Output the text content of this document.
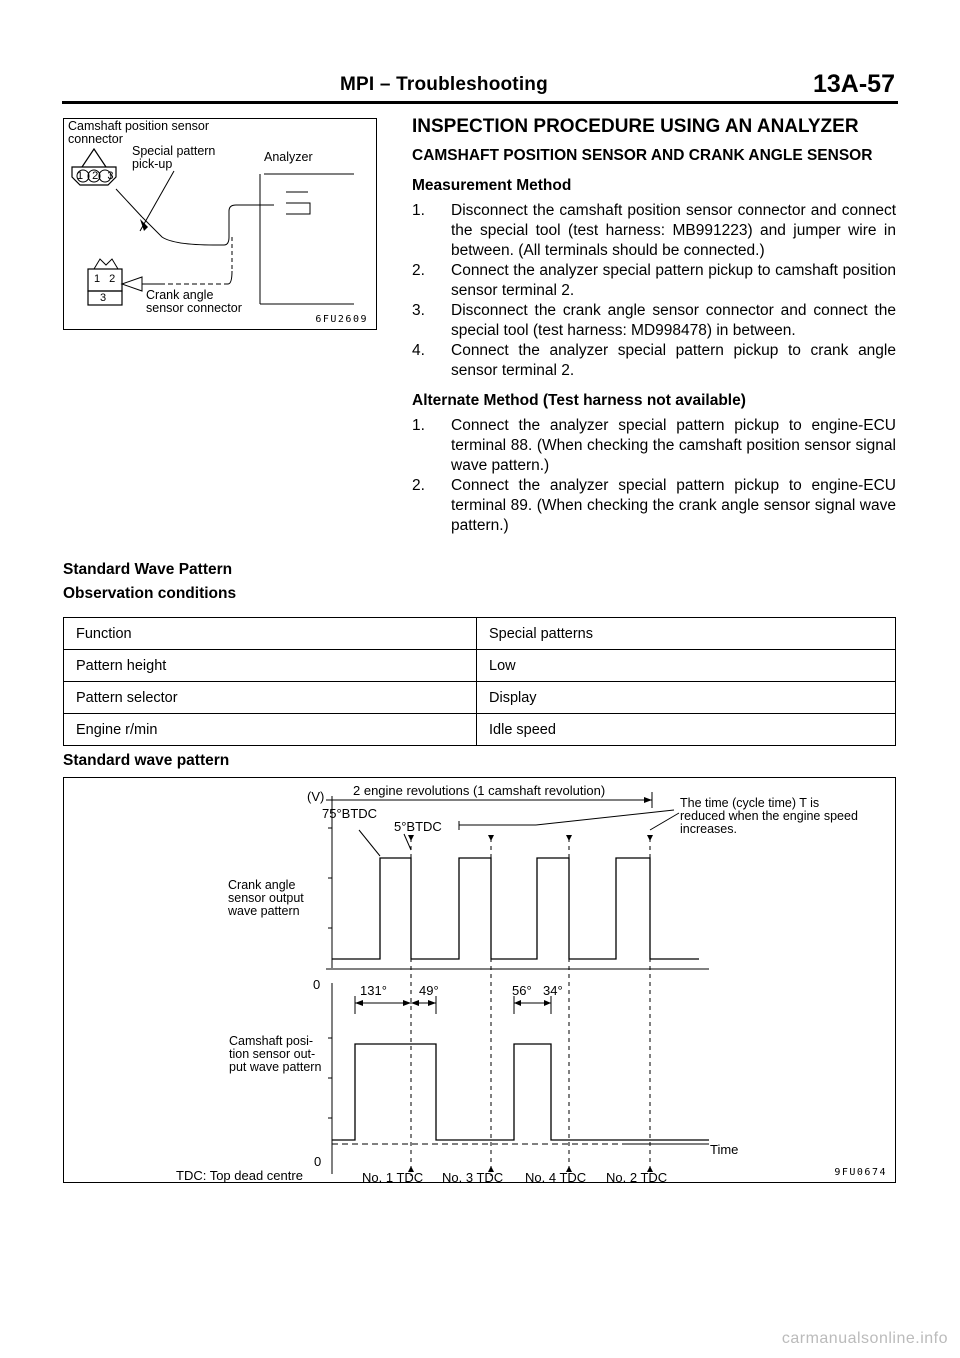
MPI – Troubleshooting	13A-57
Camshaft position sensor
connector
Special pattern
pick-up	Analyzer
1 2 3
1 2
3	Crank angle
sensor connector
6FU2609
INSPECTION PROCEDURE USING AN ANALYZER
CAMSHAFT POSITION SENSOR AND CRANK ANGLE SENSOR
Measurement Method
1. Disconnect the camshaft position sensor connector and connect the special tool (test harness: MB991223) and jumper wire in between. (All terminals should be connected.)
2. Connect the analyzer special pattern pickup to camshaft position sensor terminal 2.
3. Disconnect the crank angle sensor connector and connect the special tool (test harness: MD998478) in between.
4. Connect the analyzer special pattern pickup to crank angle sensor terminal 2.
Alternate Method (Test harness not available)
1. Connect the analyzer special pattern pickup to engine-ECU terminal 88. (When checking the camshaft position sensor signal wave pattern.)
2. Connect the analyzer special pattern pickup to engine-ECU terminal 89. (When checking the crank angle sensor signal wave pattern.)
Standard Wave Pattern
Observation conditions
Function	Special patterns
Pattern height	Low
Pattern selector	Display
Engine r/min	Idle speed
Standard wave pattern
(V) 2 engine revolutions (1 camshaft revolution)
75°BTDC
5°BTDC
The time (cycle time) T is reduced when the engine speed increases.
Crank angle
sensor output
wave pattern
0	131° 49°	56° 34°
Camshaft posi-
tion sensor out-
put wave pattern
Time
0
TDC: Top dead centre	No. 1 TDC No. 3 TDC No. 4 TDC No. 2 TDC	9FU0674
carmanualsonline.info
